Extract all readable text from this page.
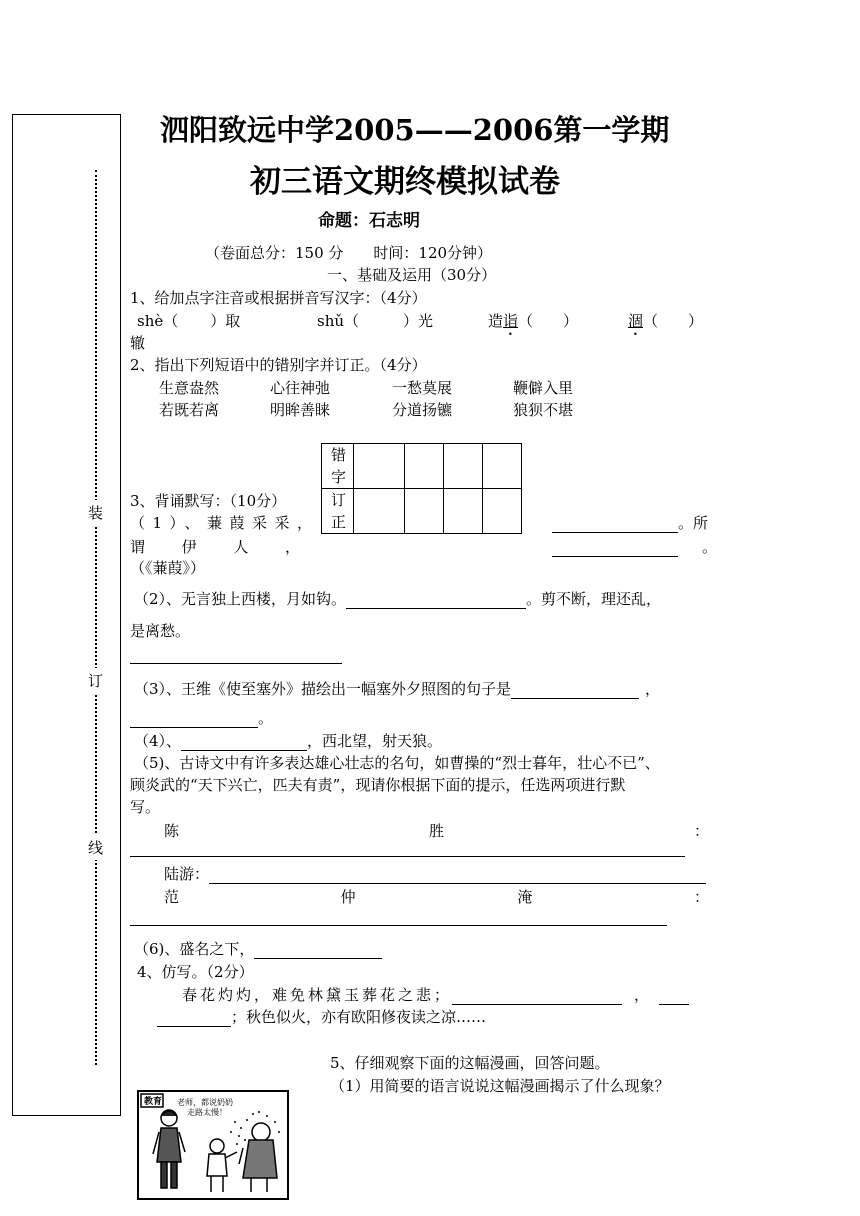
装
订
线
泗阳致远中学2005——2006第一学期
初三语文期终模拟试卷
命题：石志明
（卷面总分：150 分　　时间：120分钟）
一、基础及运用（30分）
1、给加点字注音或根据拼音写汉字：（4分）
shè（ ）取	shǔ（	）光	造诣（　　）	涸（　　）
辙
2、指出下列短语中的错别字并订正。（4分）
生意盎然	心往神弛	一愁莫展	鞭僻入里
若既若离	明眸善睐	分道扬镳	狼狈不堪
错字				
订正				
3、背诵默写：（10分）
（1）、蒹葭采采，	。所
谓伊人，	。
（《蒹葭》）
（2）、无言独上西楼，月如钩。	。剪不断，理还乱，
是离愁。
（3）、王维《使至塞外》描绘出一幅塞外夕照图的句子是	，
。
（4）、	，西北望，射天狼。
（5)、古诗文中有许多表达雄心壮志的名句，如曹操的“烈士暮年，壮心不已”、
顾炎武的“天下兴亡，匹夫有责”，现请你根据下面的提示，任选两项进行默
写。
陈　胜　：
陆游：
范　仲　淹　：
（6)、盛名之下，
4、仿写。（2分）
春花灼灼，难免林黛玉葬花之悲；	，
；秋色似火，亦有欧阳修夜读之凉……
5、仔细观察下面的这幅漫画，回答问题。
（1）用简要的语言说说这幅漫画揭示了什么现象？
教育 老师，都说奶奶
走路太慢！
